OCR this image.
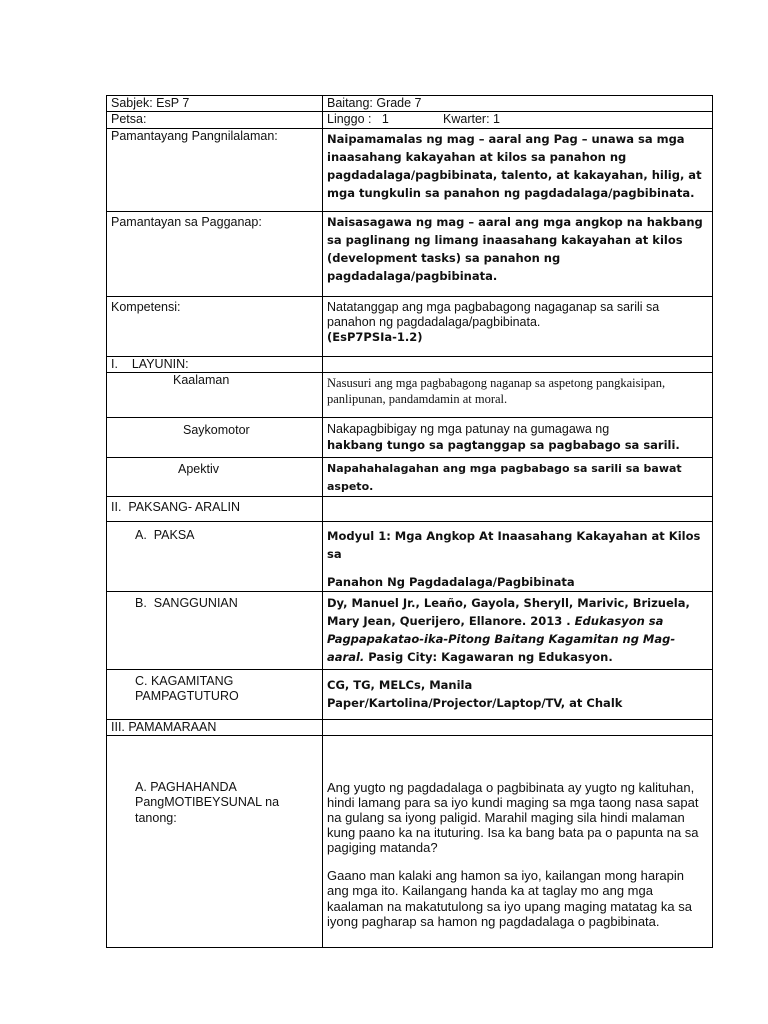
Sabjek: EsP 7	Baitang: Grade 7
Petsa:	Linggo : 1 Kwarter: 1
Pamantayang Pangnilalaman:	Naipamamalas ng mag – aaral ang Pag – unawa sa mga inaasahang kakayahan at kilos sa panahon ng pagdadalaga/pagbibinata, talento, at kakayahan, hilig, at mga tungkulin sa panahon ng pagdadalaga/pagbibinata.
Pamantayan sa Pagganap:	Naisasagawa ng mag – aaral ang mga angkop na hakbang sa paglinang ng limang inaasahang kakayahan at kilos (development tasks) sa panahon ng pagdadalaga/pagbibinata.
Kompetensi:	Natatanggap ang mga pagbabagong nagaganap sa sarili sa panahon ng pagdadalaga/pagbibinata.

(EsP7PSIa-1.2)

I.    LAYUNIN:	
Kaalaman	Nasusuri ang mga pagbabagong naganap sa aspetong pangkaisipan, panlipunan, pandamdamin at moral.
Saykomotor	Nakapagbibigay ng mga patunay na gumagawa ng

hakbang tungo sa pagtanggap sa pagbabago sa sarili.

Apektiv	Napahahalagahan ang mga pagbabago sa sarili sa bawat aspeto.
II.  PAKSANG- ARALIN	
A.  PAKSA	Modyul 1: Mga Angkop At Inaasahang Kakayahan at Kilos sa

Panahon Ng Pagdadalaga/Pagbibinata

B.  SANGGUNIAN	Dy, Manuel Jr., Leaño, Gayola, Sheryll, Marivic, Brizuela, Mary Jean, Querijero, Ellanore. 2013 . Edukasyon sa Pagpapakatao-ika-Pitong Baitang Kagamitan ng Mag-aaral. Pasig City: Kagawaran ng Edukasyon.
C. KAGAMITANG PAMPAGTUTURO	CG, TG, MELCs, Manila Paper/Kartolina/Projector/Laptop/TV, at Chalk
III. PAMAMARAAN	
A. PAGHAHANDA PangMOTIBEYSUNAL na tanong:	Ang yugto ng pagdadalaga o pagbibinata ay yugto ng kalituhan, hindi lamang para sa iyo kundi maging sa mga taong nasa sapat na gulang sa iyong paligid. Marahil maging sila hindi malaman kung paano ka na ituturing. Isa ka bang bata pa o papunta na sa pagiging matanda?

Gaano man kalaki ang hamon sa iyo, kailangan mong harapin ang mga ito. Kailangang handa ka at taglay mo ang mga kaalaman na makatutulong sa iyo upang maging matatag ka sa iyong pagharap sa hamon ng pagdadalaga o pagbibinata.
